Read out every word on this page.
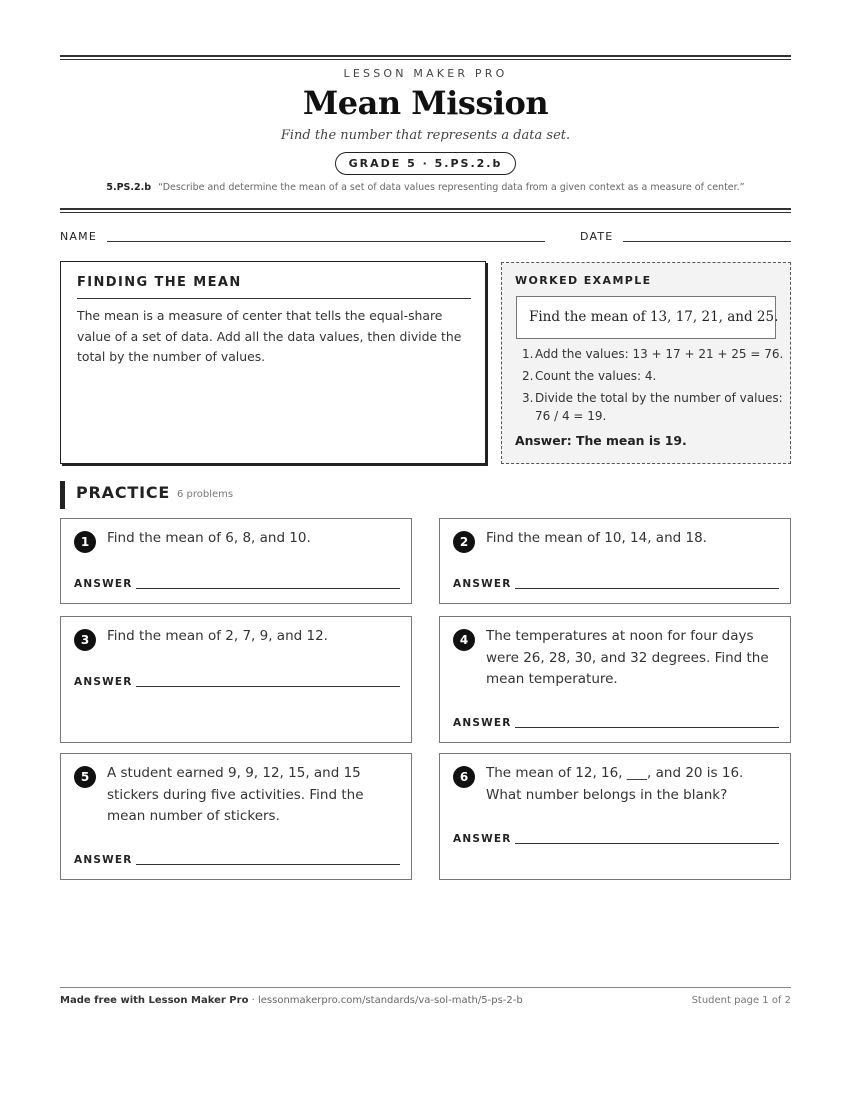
LESSON MAKER PRO
Mean Mission
Find the number that represents a data set.
GRADE 5 · 5.PS.2.b
5.PS.2.b “Describe and determine the mean of a set of data values representing data from a given context as a measure of center.”
NAME	DATE
FINDING THE MEAN
The mean is a measure of center that tells the equal-share value of a set of data. Add all the data values, then divide the total by the number of values.
WORKED EXAMPLE
Find the mean of 13, 17, 21, and 25.
1. Add the values: 13 + 17 + 21 + 25 = 76.
2. Count the values: 4.
3. Divide the total by the number of values: 76 / 4 = 19.
Answer: The mean is 19.
PRACTICE 6 problems
1	Find the mean of 6, 8, and 10.
ANSWER
2	Find the mean of 10, 14, and 18.
ANSWER
3	Find the mean of 2, 7, 9, and 12.
ANSWER
4	The temperatures at noon for four days were 26, 28, 30, and 32 degrees. Find the mean temperature.
ANSWER
5	A student earned 9, 9, 12, 15, and 15 stickers during five activities. Find the mean number of stickers.
ANSWER
6	The mean of 12, 16, ___, and 20 is 16. What number belongs in the blank?
ANSWER
Made free with Lesson Maker Pro · lessonmakerpro.com/standards/va-sol-math/5-ps-2-b	Student page 1 of 2
